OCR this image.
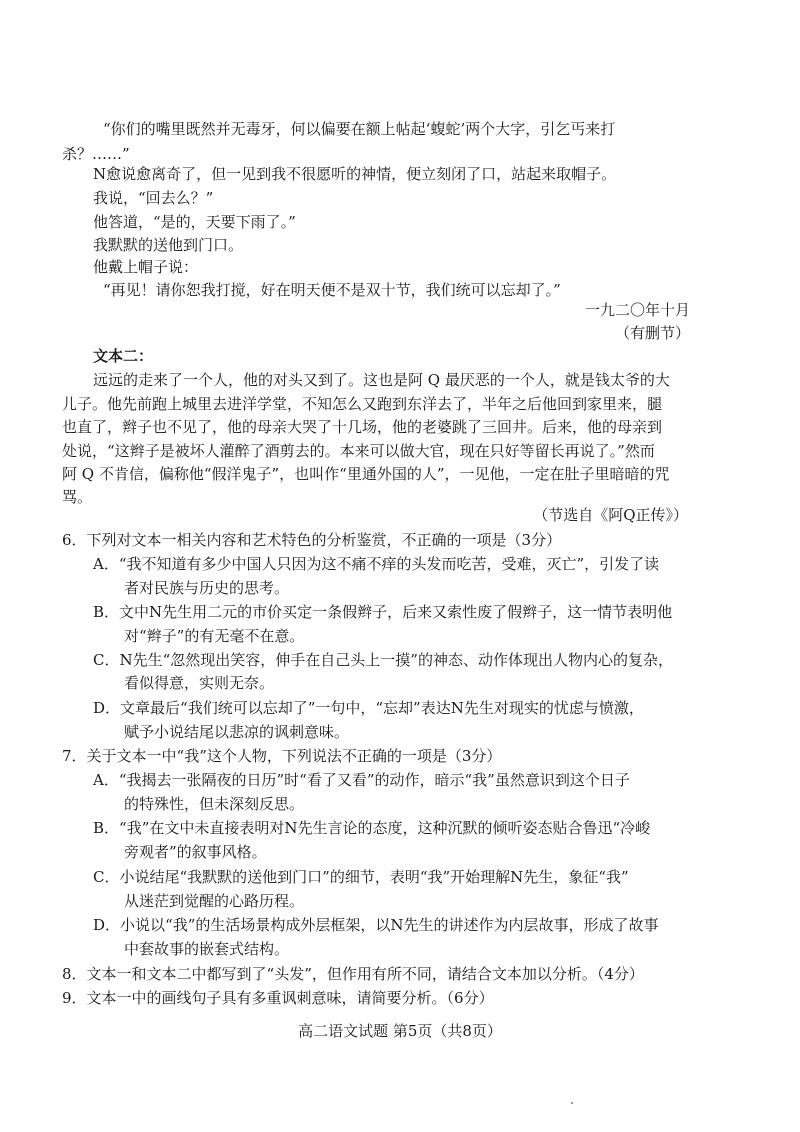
“你们的嘴里既然并无毒牙，何以偏要在额上帖起‘蝮蛇’两个大字，引乞丐来打
杀？……”
N愈说愈离奇了，但一见到我不很愿听的神情，便立刻闭了口，站起来取帽子。
我说，“回去么？”
他答道，“是的，天要下雨了。”
我默默的送他到门口。
他戴上帽子说：
“再见！请你恕我打搅，好在明天便不是双十节，我们统可以忘却了。”
一九二〇年十月
（有删节）
文本二：
远远的走来了一个人，他的对头又到了。这也是阿 Q 最厌恶的一个人，就是钱太爷的大
儿子。他先前跑上城里去进洋学堂，不知怎么又跑到东洋去了，半年之后他回到家里来，腿
也直了，辫子也不见了，他的母亲大哭了十几场，他的老婆跳了三回井。后来，他的母亲到
处说，“这辫子是被坏人灌醉了酒剪去的。本来可以做大官，现在只好等留长再说了。”然而
阿 Q 不肯信，偏称他“假洋鬼子”，也叫作“里通外国的人”，一见他，一定在肚子里暗暗的咒
骂。
（节选自《阿Q正传》）
6．下列对文本一相关内容和艺术特色的分析鉴赏，不正确的一项是（3分）
A．“我不知道有多少中国人只因为这不痛不痒的头发而吃苦，受难，灭亡”，引发了读
者对民族与历史的思考。
B．文中N先生用二元的市价买定一条假辫子，后来又索性废了假辫子，这一情节表明他
对“辫子”的有无毫不在意。
C．N先生“忽然现出笑容，伸手在自己头上一摸”的神态、动作体现出人物内心的复杂，
看似得意，实则无奈。
D．文章最后“我们统可以忘却了”一句中，“忘却”表达N先生对现实的忧虑与愤激，
赋予小说结尾以悲凉的讽刺意味。
7．关于文本一中“我”这个人物，下列说法不正确的一项是（3分）
A．“我揭去一张隔夜的日历”时“看了又看”的动作，暗示“我”虽然意识到这个日子
的特殊性，但未深刻反思。
B．“我”在文中未直接表明对N先生言论的态度，这种沉默的倾听姿态贴合鲁迅“冷峻
旁观者”的叙事风格。
C．小说结尾“我默默的送他到门口”的细节，表明“我”开始理解N先生，象征“我”
从迷茫到觉醒的心路历程。
D．小说以“我”的生活场景构成外层框架，以N先生的讲述作为内层故事，形成了故事
中套故事的嵌套式结构。
8．文本一和文本二中都写到了“头发”，但作用有所不同，请结合文本加以分析。（4分）
9．文本一中的画线句子具有多重讽刺意味，请简要分析。（6分）
高二语文试题 第5页（共8页）
